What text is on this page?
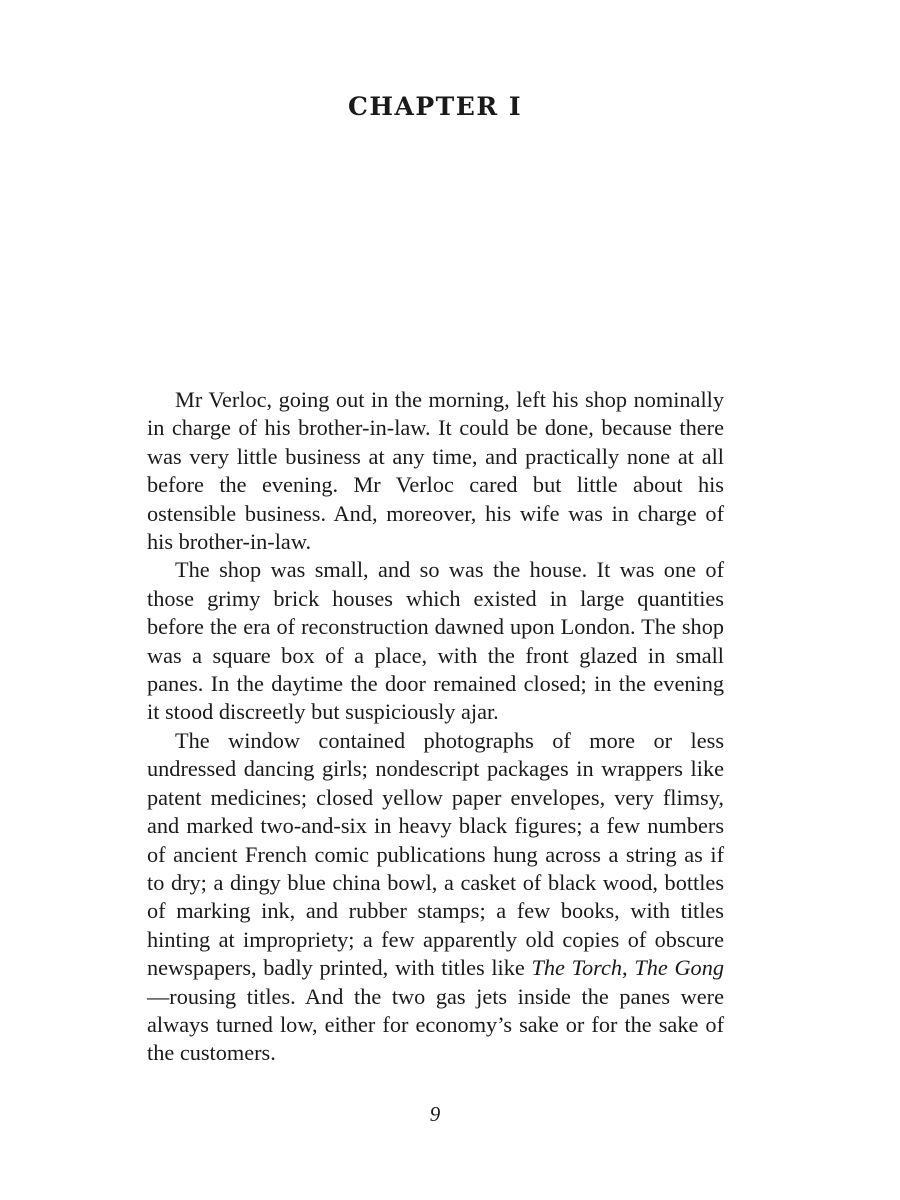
CHAPTER I

Mr Verloc, going out in the morning, left his shop nominally in charge of his brother-in-law. It could be done, because there was very little business at any time, and practically none at all before the evening. Mr Verloc cared but little about his ostensible business. And, moreover, his wife was in charge of his brother-in-law.

The shop was small, and so was the house. It was one of those grimy brick houses which existed in large quantities before the era of reconstruction dawned upon London. The shop was a square box of a place, with the front glazed in small panes. In the daytime the door remained closed; in the evening it stood discreetly but suspiciously ajar.

The window contained photographs of more or less undressed dancing girls; nondescript packages in wrappers like patent medicines; closed yellow paper envelopes, very flimsy, and marked two-and-six in heavy black figures; a few numbers of ancient French comic publications hung across a string as if to dry; a dingy blue china bowl, a casket of black wood, bottles of marking ink, and rubber stamps; a few books, with titles hinting at impropriety; a few apparently old copies of obscure newspapers, badly printed, with titles like The Torch, The Gong—rousing titles. And the two gas jets inside the panes were always turned low, either for economy’s sake or for the sake of the customers.

9
